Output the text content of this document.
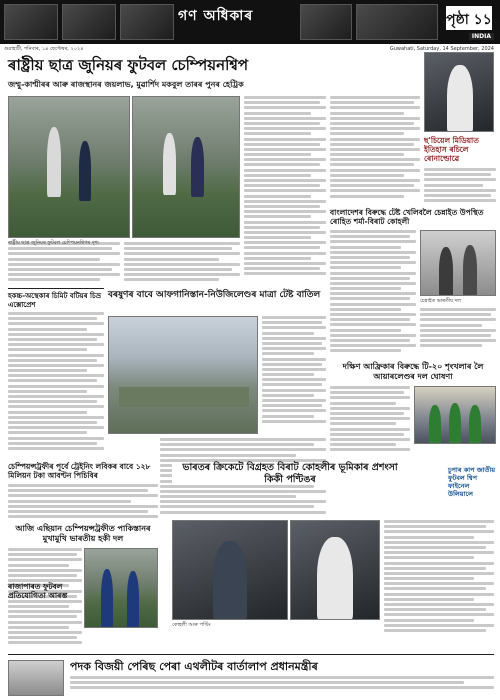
গণ অধিকাৰ	পৃষ্ঠা ১১
INDIA
গুৱাহাটী, শনিবাৰ, ১৪ ছেপ্টেম্বৰ, ২০২৪	Guwahati, Saturday, 14 September, 2024
ৰাষ্ট্ৰীয় ছাত্ৰ জুনিয়ৰ ফুটবল চেম্পিয়নশ্বিপ
জম্মু-কাশ্মীৰৰ আৰু ৰাজস্থানৰ জয়লাভ, মুৱাৰ্শিদ মকবুল তাৰৰ পুনৰ হেট্ৰিক
ছ'চিয়েল মিডিয়াত ইতিহাস ৰচিলে ৰোনাল্ডোৱে
বাংলাদেশৰ বিৰুদ্ধে টেষ্ট খেলিবলৈ চেন্নাইত উপস্থিত ৰোহিত শৰ্মা-বিৰাট কোহলী
চেন্নাইত ভাৰতীয় দল
হকচ্চ-অস্থেকাৰ চিমিট বটিয়ৰ চিভ্ৰ এক্সোপ্ৰেশ
বৰষুণৰ বাবে আফগানিস্তান-নিউজিলেণ্ডৰ মাত্ৰা টেষ্ট বাতিল
দক্ষিণ আফ্ৰিকাৰ বিৰুদ্ধে টি-২০ শৃংখলাৰ লৈ আয়াৰলেণ্ডৰ দল ঘোষণা
চেম্পিয়ন্সট্ৰফীৰ পূৰ্বে ট্ৰেইনিং লবিকৰ বাবে ১২৮ মিলিয়ন টকা আবণ্টন পিচিবিৰ
ভাৰতৰ ক্ৰিকেটে বিগ্ৰহত বিৰাট কোহলীৰ ভূমিকাৰ প্ৰশংসা কিকী পণ্টিঙৰ
আজি এছিয়ান চেম্পিয়ন্সট্ৰফীত পাকিস্তানৰ মুখামুখি ভাৰতীয় হকী দল
ৰাজাপাৰত ফুটবল প্ৰতিযোগিতা আৰম্ভ
কোহলী আৰু পণ্টিং
চুপাৰ কাপ জাতীয় ফুটবল শ্বিপ ফাইনেল উলিয়ালে
পদক বিজয়ী পেৰিছ পেৰা এথলীটৰ বাৰ্তালাপ প্ৰধানমন্ত্ৰীৰ
ৰাষ্ট্ৰীয় ছাত্ৰ জুনিয়ৰ ফুটবল চেম্পিয়নশ্বিপৰ দৃশ্য
